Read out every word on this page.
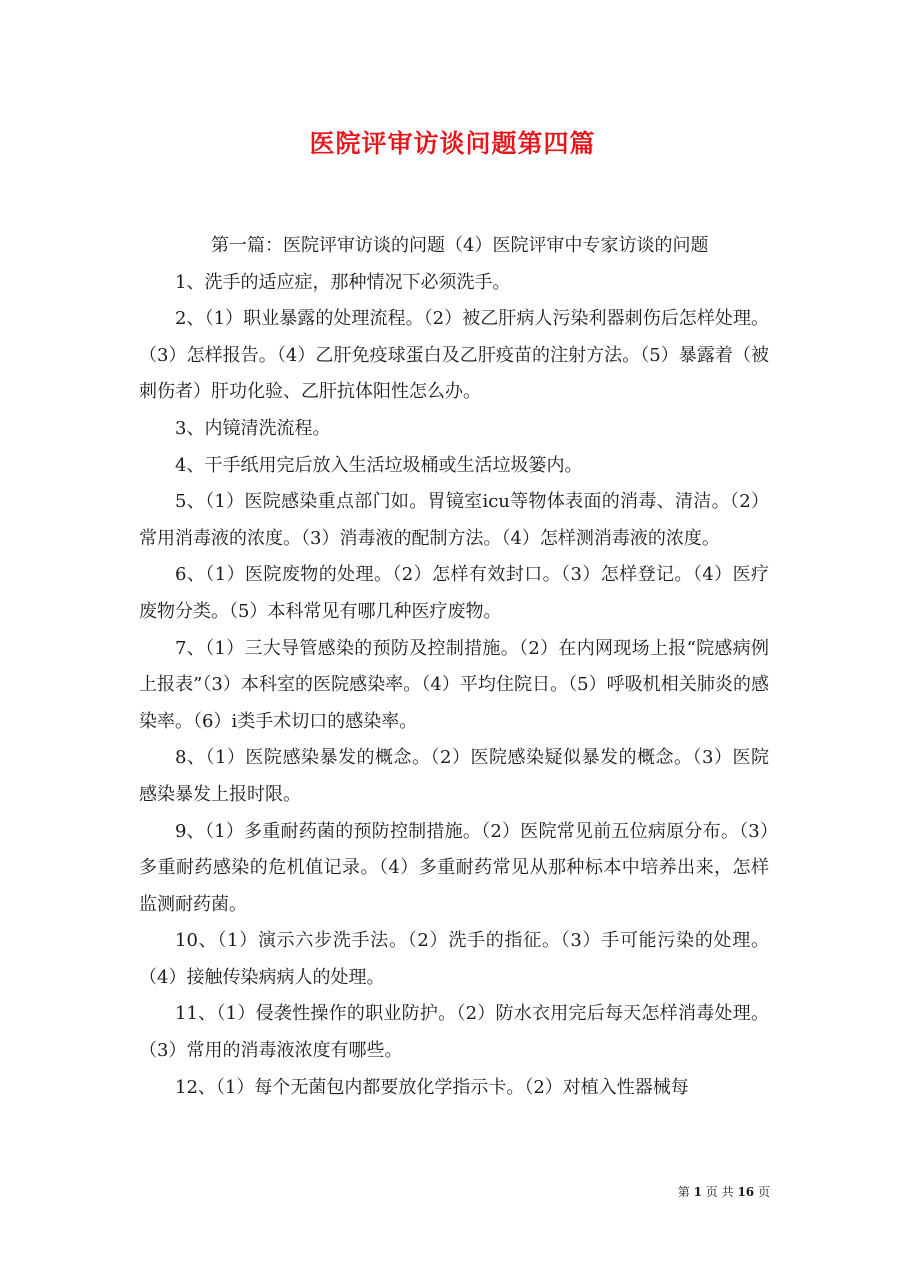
医院评审访谈问题第四篇

第一篇：医院评审访谈的问题（4）医院评审中专家访谈的问题

1、洗手的适应症，那种情况下必须洗手。

2、（1）职业暴露的处理流程。（2）被乙肝病人污染利器刺伤后怎样处理。（3）怎样报告。（4）乙肝免疫球蛋白及乙肝疫苗的注射方法。（5）暴露着（被刺伤者）肝功化验、乙肝抗体阳性怎么办。

3、内镜清洗流程。

4、干手纸用完后放入生活垃圾桶或生活垃圾篓内。

5、（1）医院感染重点部门如。胃镜室icu等物体表面的消毒、清洁。（2）常用消毒液的浓度。（3）消毒液的配制方法。（4）怎样测消毒液的浓度。

6、（1）医院废物的处理。（2）怎样有效封口。（3）怎样登记。（4）医疗废物分类。（5）本科常见有哪几种医疗废物。

7、（1）三大导管感染的预防及控制措施。（2）在内网现场上报“院感病例上报表”（3）本科室的医院感染率。（4）平均住院日。（5）呼吸机相关肺炎的感染率。（6）i类手术切口的感染率。

8、（1）医院感染暴发的概念。（2）医院感染疑似暴发的概念。（3）医院感染暴发上报时限。

9、（1）多重耐药菌的预防控制措施。（2）医院常见前五位病原分布。（3）多重耐药感染的危机值记录。（4）多重耐药常见从那种标本中培养出来，怎样监测耐药菌。

10、（1）演示六步洗手法。（2）洗手的指征。（3）手可能污染的处理。（4）接触传染病病人的处理。

11、（1）侵袭性操作的职业防护。（2）防水衣用完后每天怎样消毒处理。（3）常用的消毒液浓度有哪些。

12、（1）每个无菌包内都要放化学指示卡。（2）对植入性器械每

第 1 页 共 16 页
